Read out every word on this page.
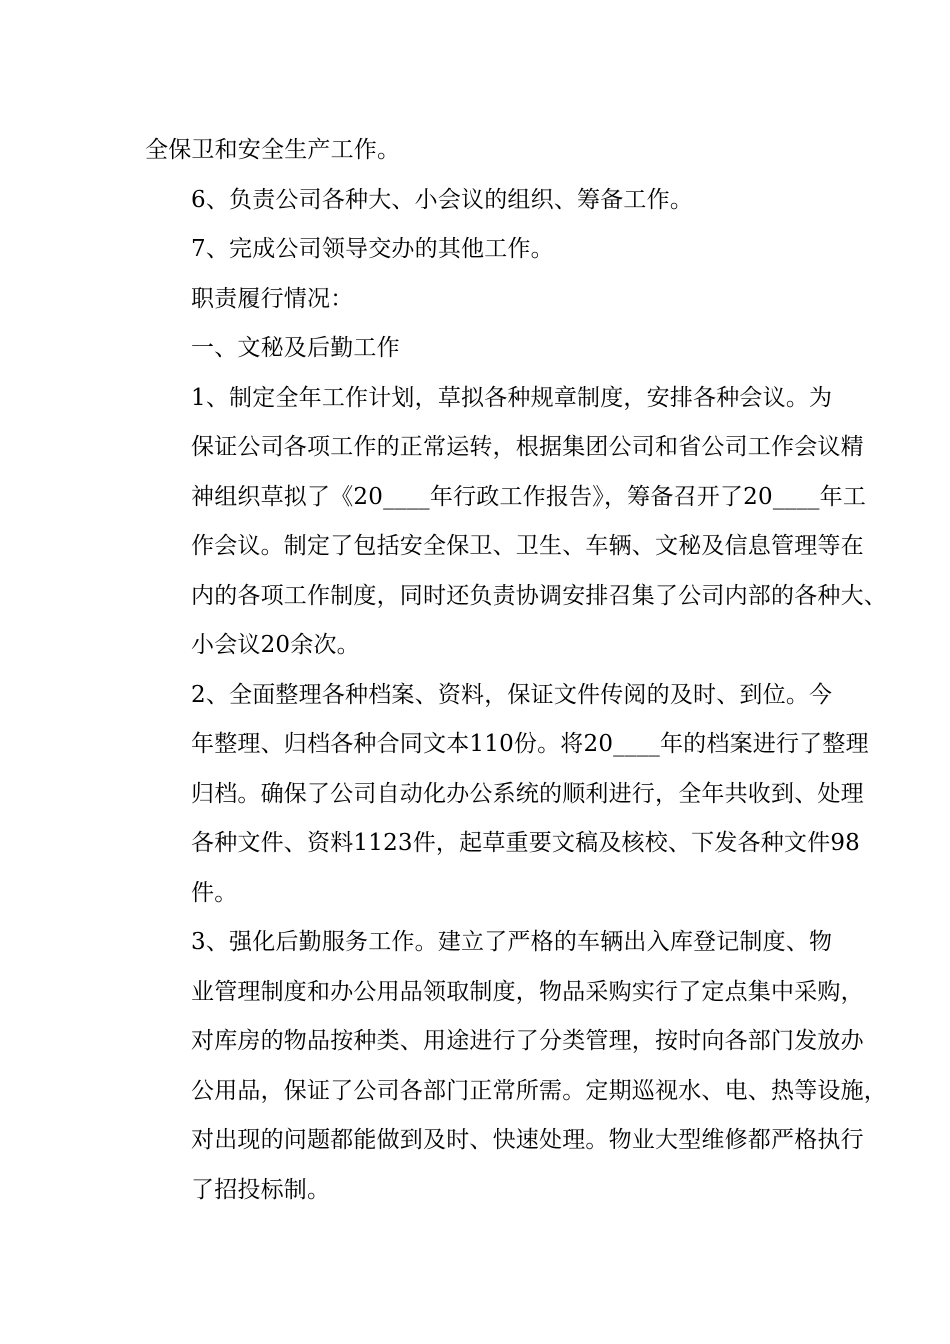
全保卫和安全生产工作。

6、负责公司各种大、小会议的组织、筹备工作。

7、完成公司领导交办的其他工作。

职责履行情况：

一、文秘及后勤工作

1、制定全年工作计划，草拟各种规章制度，安排各种会议。为
保证公司各项工作的正常运转，根据集团公司和省公司工作会议精
神组织草拟了《20____年行政工作报告》，筹备召开了20____年工
作会议。制定了包括安全保卫、卫生、车辆、文秘及信息管理等在
内的各项工作制度，同时还负责协调安排召集了公司内部的各种大、
小会议20余次。

2、全面整理各种档案、资料，保证文件传阅的及时、到位。今
年整理、归档各种合同文本110份。将20____年的档案进行了整理
归档。确保了公司自动化办公系统的顺利进行，全年共收到、处理
各种文件、资料1123件，起草重要文稿及核校、下发各种文件98
件。

3、强化后勤服务工作。建立了严格的车辆出入库登记制度、物
业管理制度和办公用品领取制度，物品采购实行了定点集中采购，
对库房的物品按种类、用途进行了分类管理，按时向各部门发放办
公用品，保证了公司各部门正常所需。定期巡视水、电、热等设施，
对出现的问题都能做到及时、快速处理。物业大型维修都严格执行
了招投标制。
